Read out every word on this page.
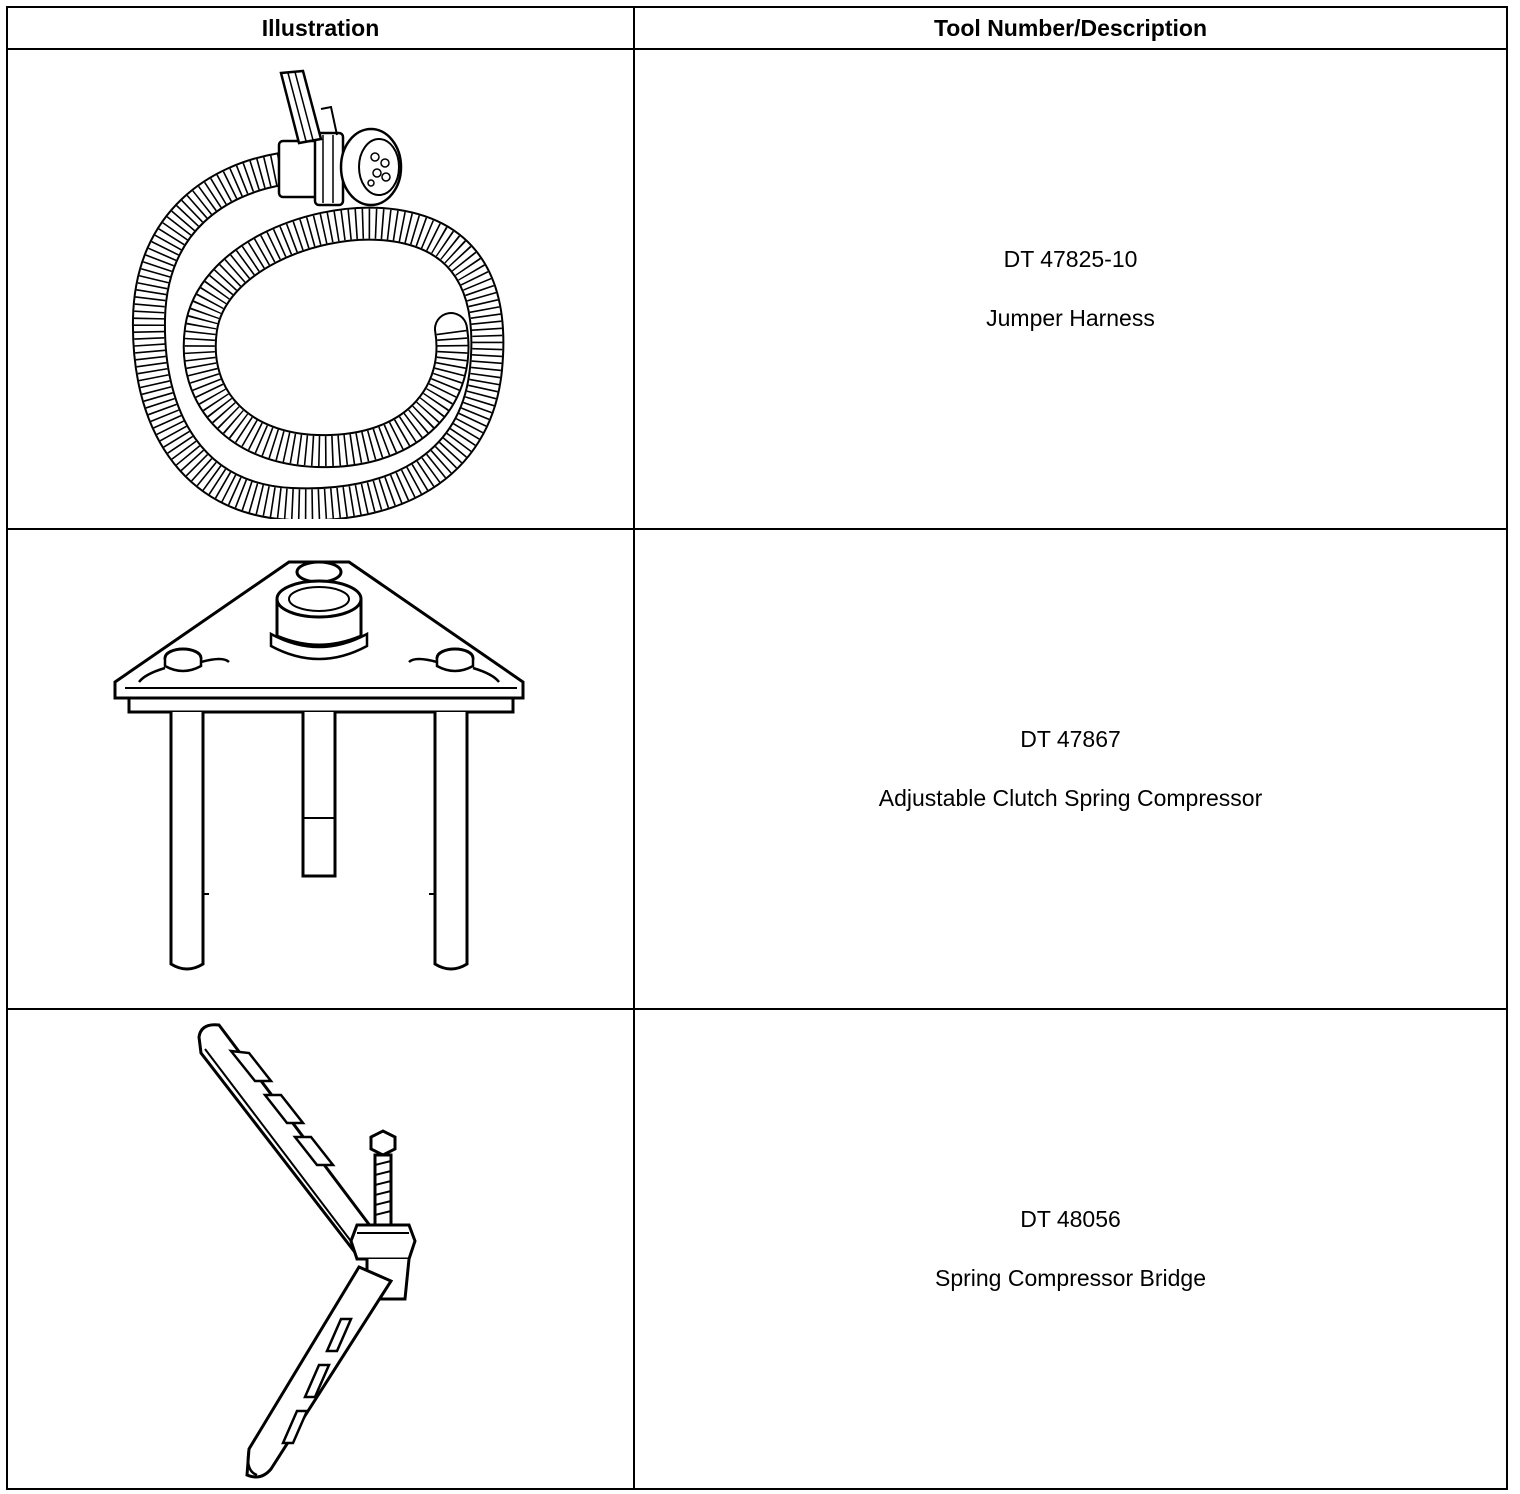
Illustration	Tool Number/Description

DT 47825-10
Jumper Harness

DT 47867
Adjustable Clutch Spring Compressor

DT 48056
Spring Compressor Bridge
